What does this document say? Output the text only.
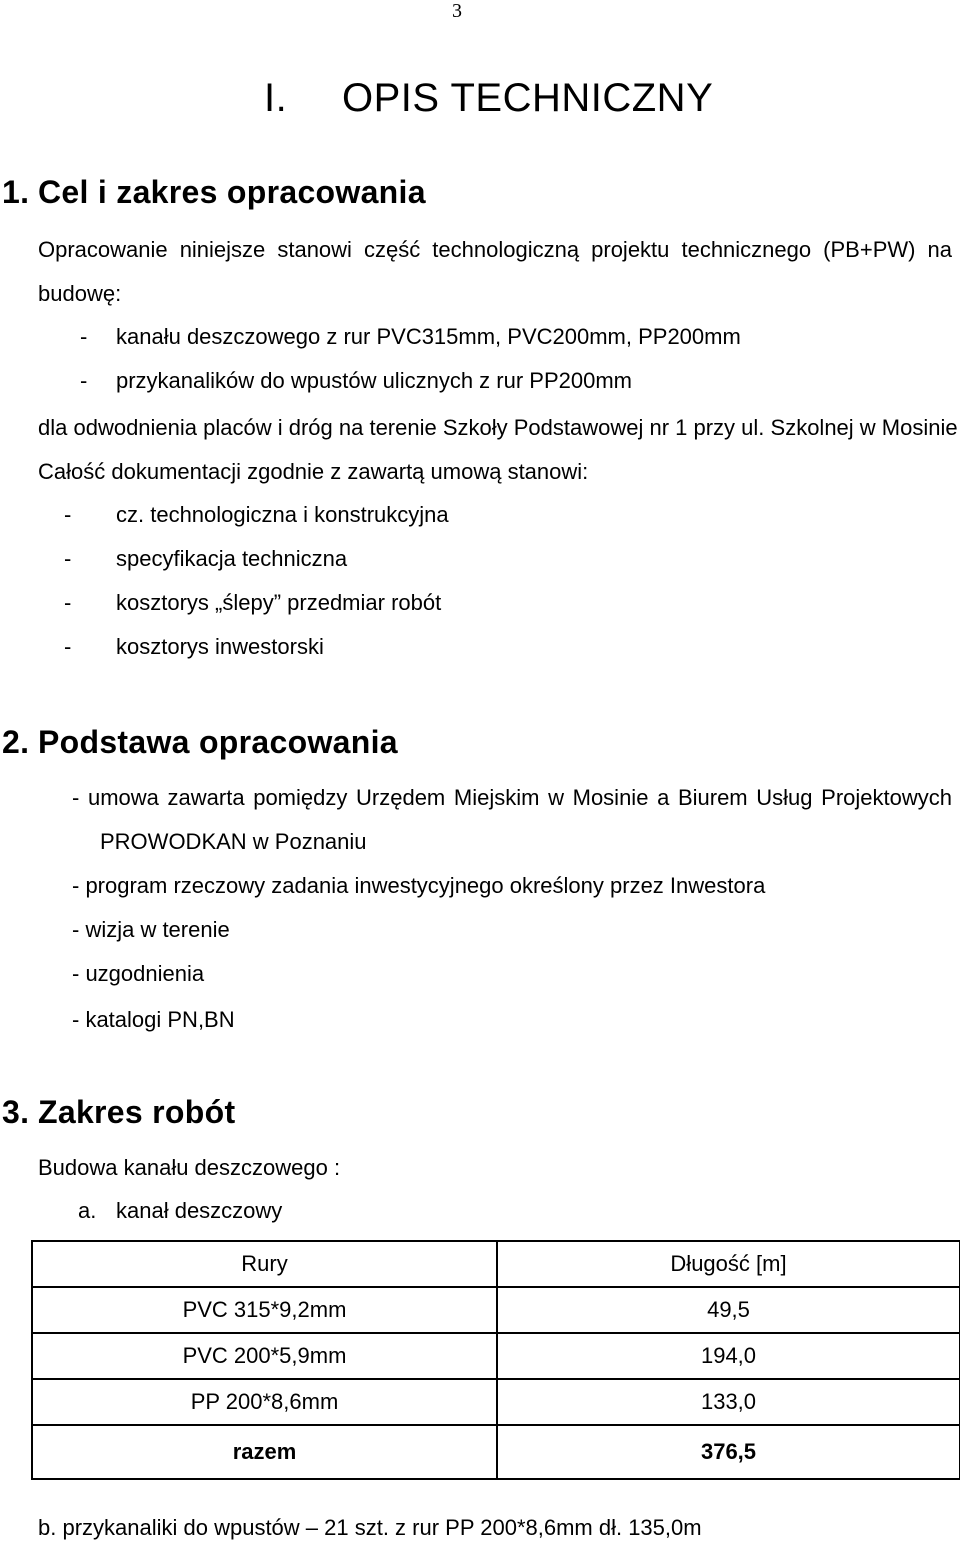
3
I. OPIS TECHNICZNY
1. Cel i zakres opracowania
Opracowanie niniejsze stanowi część technologiczną projektu technicznego (PB+PW) na
budowę:
- kanału deszczowego z rur PVC315mm, PVC200mm, PP200mm
- przykanalików do wpustów ulicznych z rur PP200mm
dla odwodnienia placów i dróg na terenie Szkoły Podstawowej nr 1 przy ul. Szkolnej w Mosinie
Całość dokumentacji zgodnie z zawartą umową stanowi:
- cz. technologiczna i konstrukcyjna
- specyfikacja techniczna
- kosztorys „ślepy” przedmiar robót
- kosztorys inwestorski
2. Podstawa opracowania
- umowa zawarta pomiędzy Urzędem Miejskim w Mosinie a Biurem Usług Projektowych
PROWODKAN w Poznaniu
- program rzeczowy zadania inwestycyjnego określony przez Inwestora
- wizja w terenie
- uzgodnienia
- katalogi PN,BN
3. Zakres robót
Budowa kanału deszczowego :
a. kanał deszczowy
Rury	Długość [m]
PVC 315*9,2mm	49,5
PVC 200*5,9mm	194,0
PP 200*8,6mm	133,0
razem	376,5
b. przykanaliki do wpustów – 21 szt. z rur PP 200*8,6mm dł. 135,0m
